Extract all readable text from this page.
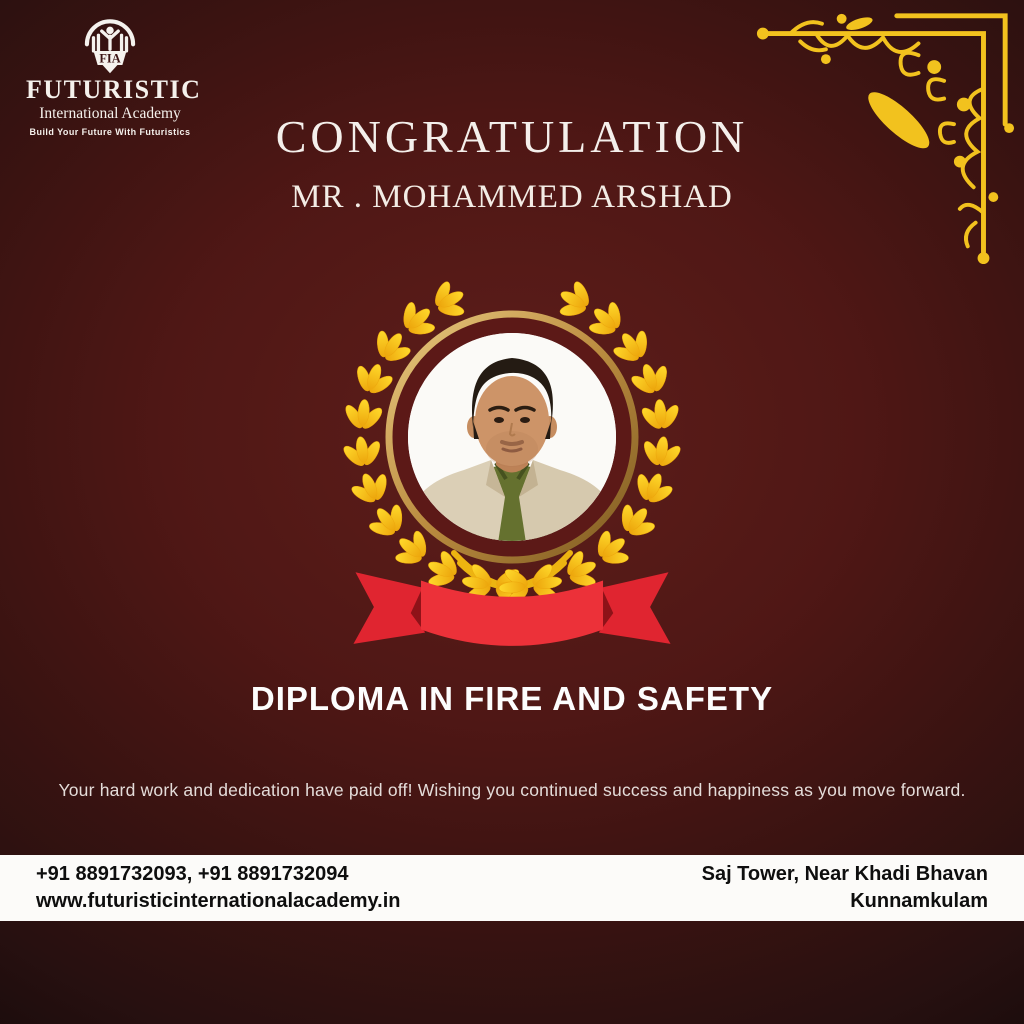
FIA
FUTURISTIC
International Academy
Build Your Future With Futuristics	CONGRATULATION
MR . MOHAMMED ARSHAD
DIPLOMA IN FIRE AND SAFETY

Your hard work and dedication have paid off! Wishing you continued success and happiness as you move forward.

+91 8891732093, +91 8891732094
www.futuristicinternationalacademy.in
Saj Tower, Near Khadi Bhavan
Kunnamkulam
